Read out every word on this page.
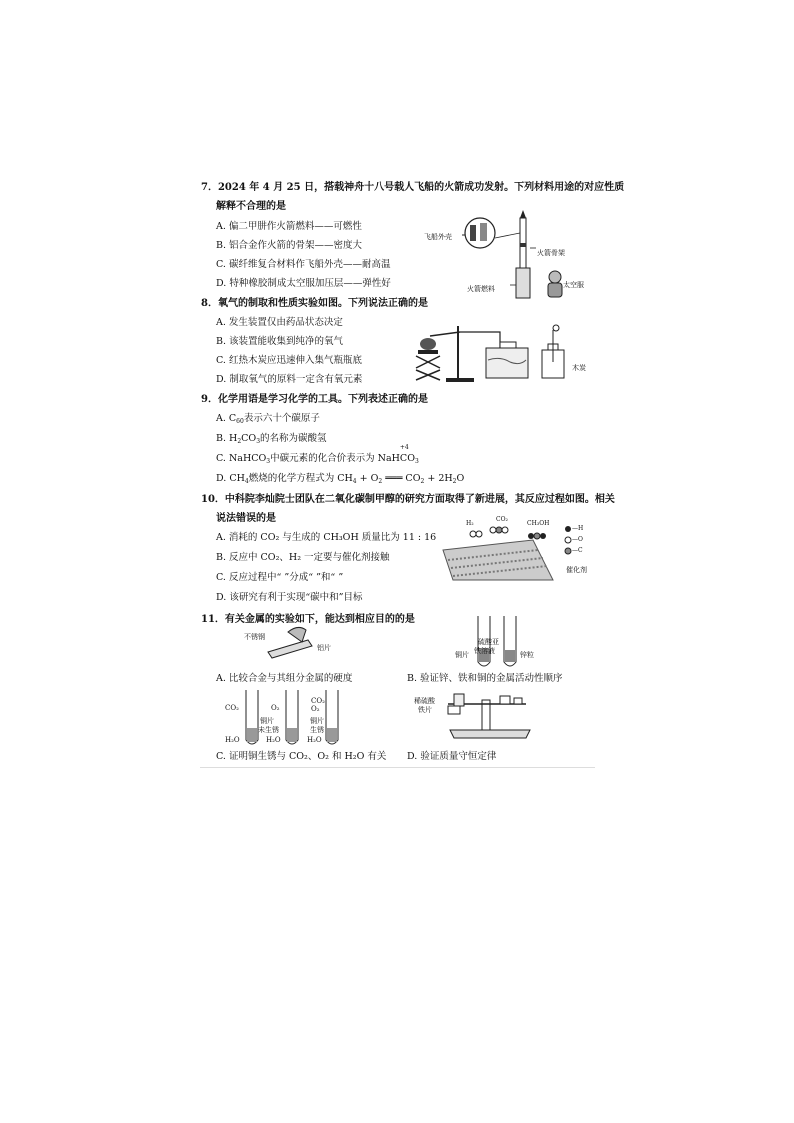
7．2024 年 4 月 25 日，搭载神舟十八号载人飞船的火箭成功发射。下列材料用途的对应性质
解释不合理的是
A. 偏二甲肼作火箭燃料——可燃性
B. 铝合金作火箭的骨架——密度大
C. 碳纤维复合材料作飞船外壳——耐高温
D. 特种橡胶制成太空服加压层——弹性好
飞船外壳
火箭骨架
火箭燃料	太空服
8．氧气的制取和性质实验如图。下列说法正确的是
A. 发生装置仅由药品状态决定
B. 该装置能收集到纯净的氧气
C. 红热木炭应迅速伸入集气瓶瓶底
D. 制取氧气的原料一定含有氧元素
木炭
9．化学用语是学习化学的工具。下列表述正确的是
A. $C_{60}$表示六十个碳原子
B. $H_2CO_3$的名称为碳酸氢
C. NaHCO$_3$中碳元素的化合价表示为 NaH
+4
$CO_3$
D. $CH_4$燃烧的化学方程式为 $CH_4 + O_2$ ═══ $CO_2 + 2H_2O$
10．中科院李灿院士团队在二氧化碳制甲醇的研究方面取得了新进展，其反应过程如图。相关
说法错误的是
A. 消耗的 CO₂ 与生成的 CH₃OH 质量比为 11 : 16
B. 反应中 CO₂、H₂ 一定要与催化剂接触
C. 反应过程中“ ”分成“ ”和“ ”
D. 该研究有利于实现“碳中和”目标
H₂
CO₂
CH₃OH
—H
—O
—C
催化剂
11．有关金属的实验如下，能达到相应目的的是
不锈钢
铝片
铜片
硫酸亚
铁溶液	锌粒
A. 比较合金与其组分金属的硬度	B. 验证锌、铁和铜的金属活动性顺序
CO₂	O₂
CO₂
O₂
H₂O	H₂O	H₂O
铜片
未生锈
铜片
生锈
稀硫酸
铁片
C. 证明铜生锈与 CO₂、O₂ 和 H₂O 有关 D. 验证质量守恒定律
